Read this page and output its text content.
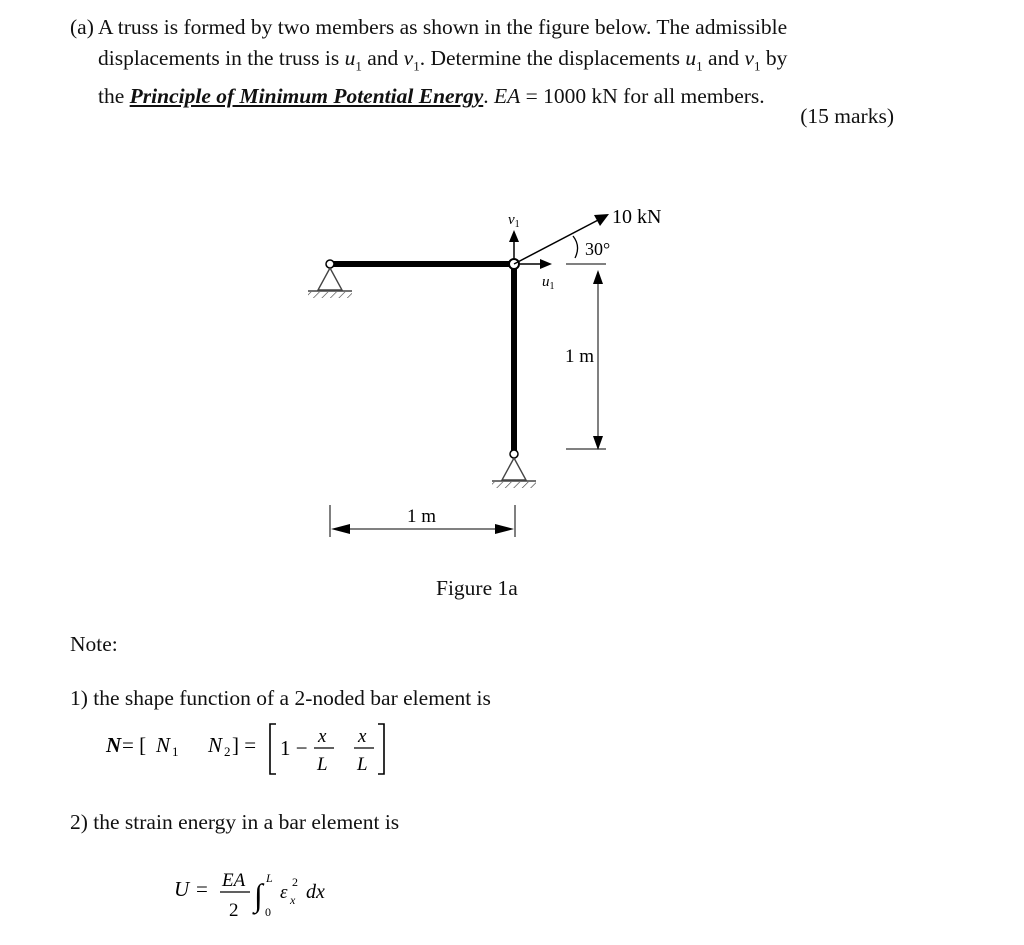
(a) A truss is formed by two members as shown in the figure below. The admissible

displacements in the truss is $u_1$ and $v_1$. Determine the displacements $u_1$ and $v_1$ by

the Principle of Minimum Potential Energy. EA = 1000 kN for all members.

(15 marks)
$v_1$
$u_1$
10 kN
30°
1 m
1 m
Figure 1a
Note:
1) the shape function of a 2-noded bar element is
N = [ N 1 N 2 ] = 1 − x
L
x
L
2) the strain energy in a bar element is
U = EA
2 ∫ L
0
ε x
2 dx
